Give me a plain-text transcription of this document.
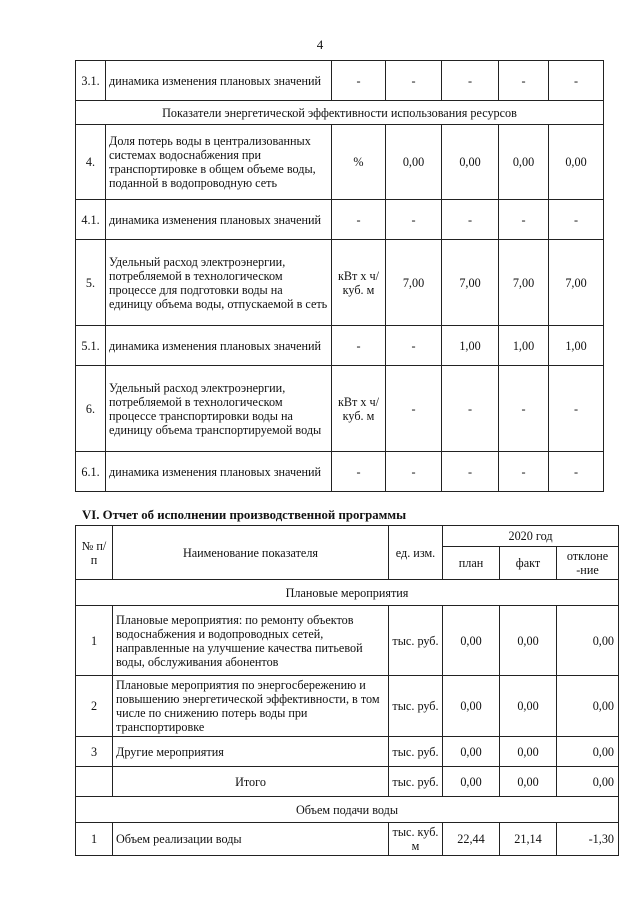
4
3.1.	динамика изменения плановых значений	-	-	-	-	-
Показатели энергетической эффективности использования ресурсов						
4.	Доля потерь воды в централизованных системах водоснабжения при транспортировке в общем объеме воды, поданной в водопроводную сеть	%	0,00	0,00	0,00	0,00
4.1.	динамика изменения плановых значений	-	-	-	-	-
5.	Удельный расход электроэнергии, потребляемой в технологическом процессе для подготовки воды на единицу объема воды, отпускаемой в сеть	кВт х ч/куб. м	7,00	7,00	7,00	7,00
5.1.	динамика изменения плановых значений	-	-	1,00	1,00	1,00
6.	Удельный расход электроэнергии, потребляемой в технологическом процессе транспортировки воды на единицу объема транспортируемой воды	кВт х ч/куб. м	-	-	-	-
6.1.	динамика изменения плановых значений	-	-	-	-	-
VI. Отчет об исполнении производственной программы
№ п/п	Наименование показателя	ед. изм.	2020 год		
			план	факт	отклоне -ние
Плановые мероприятия					
1	Плановые мероприятия: по ремонту объектов водоснабжения и водопроводных сетей, направленные на улучшение качества питьевой воды, обслуживания абонентов	тыс. руб.	0,00	0,00	0,00
2	Плановые мероприятия по энергосбережению и повышению энергетической эффективности, в том числе по снижению потерь воды при транспортировке	тыс. руб.	0,00	0,00	0,00
3	Другие мероприятия	тыс. руб.	0,00	0,00	0,00
	Итого	тыс. руб.	0,00	0,00	0,00
Объем подачи воды					
1	Объем реализации воды	тыс. куб. м	22,44	21,14	-1,30
